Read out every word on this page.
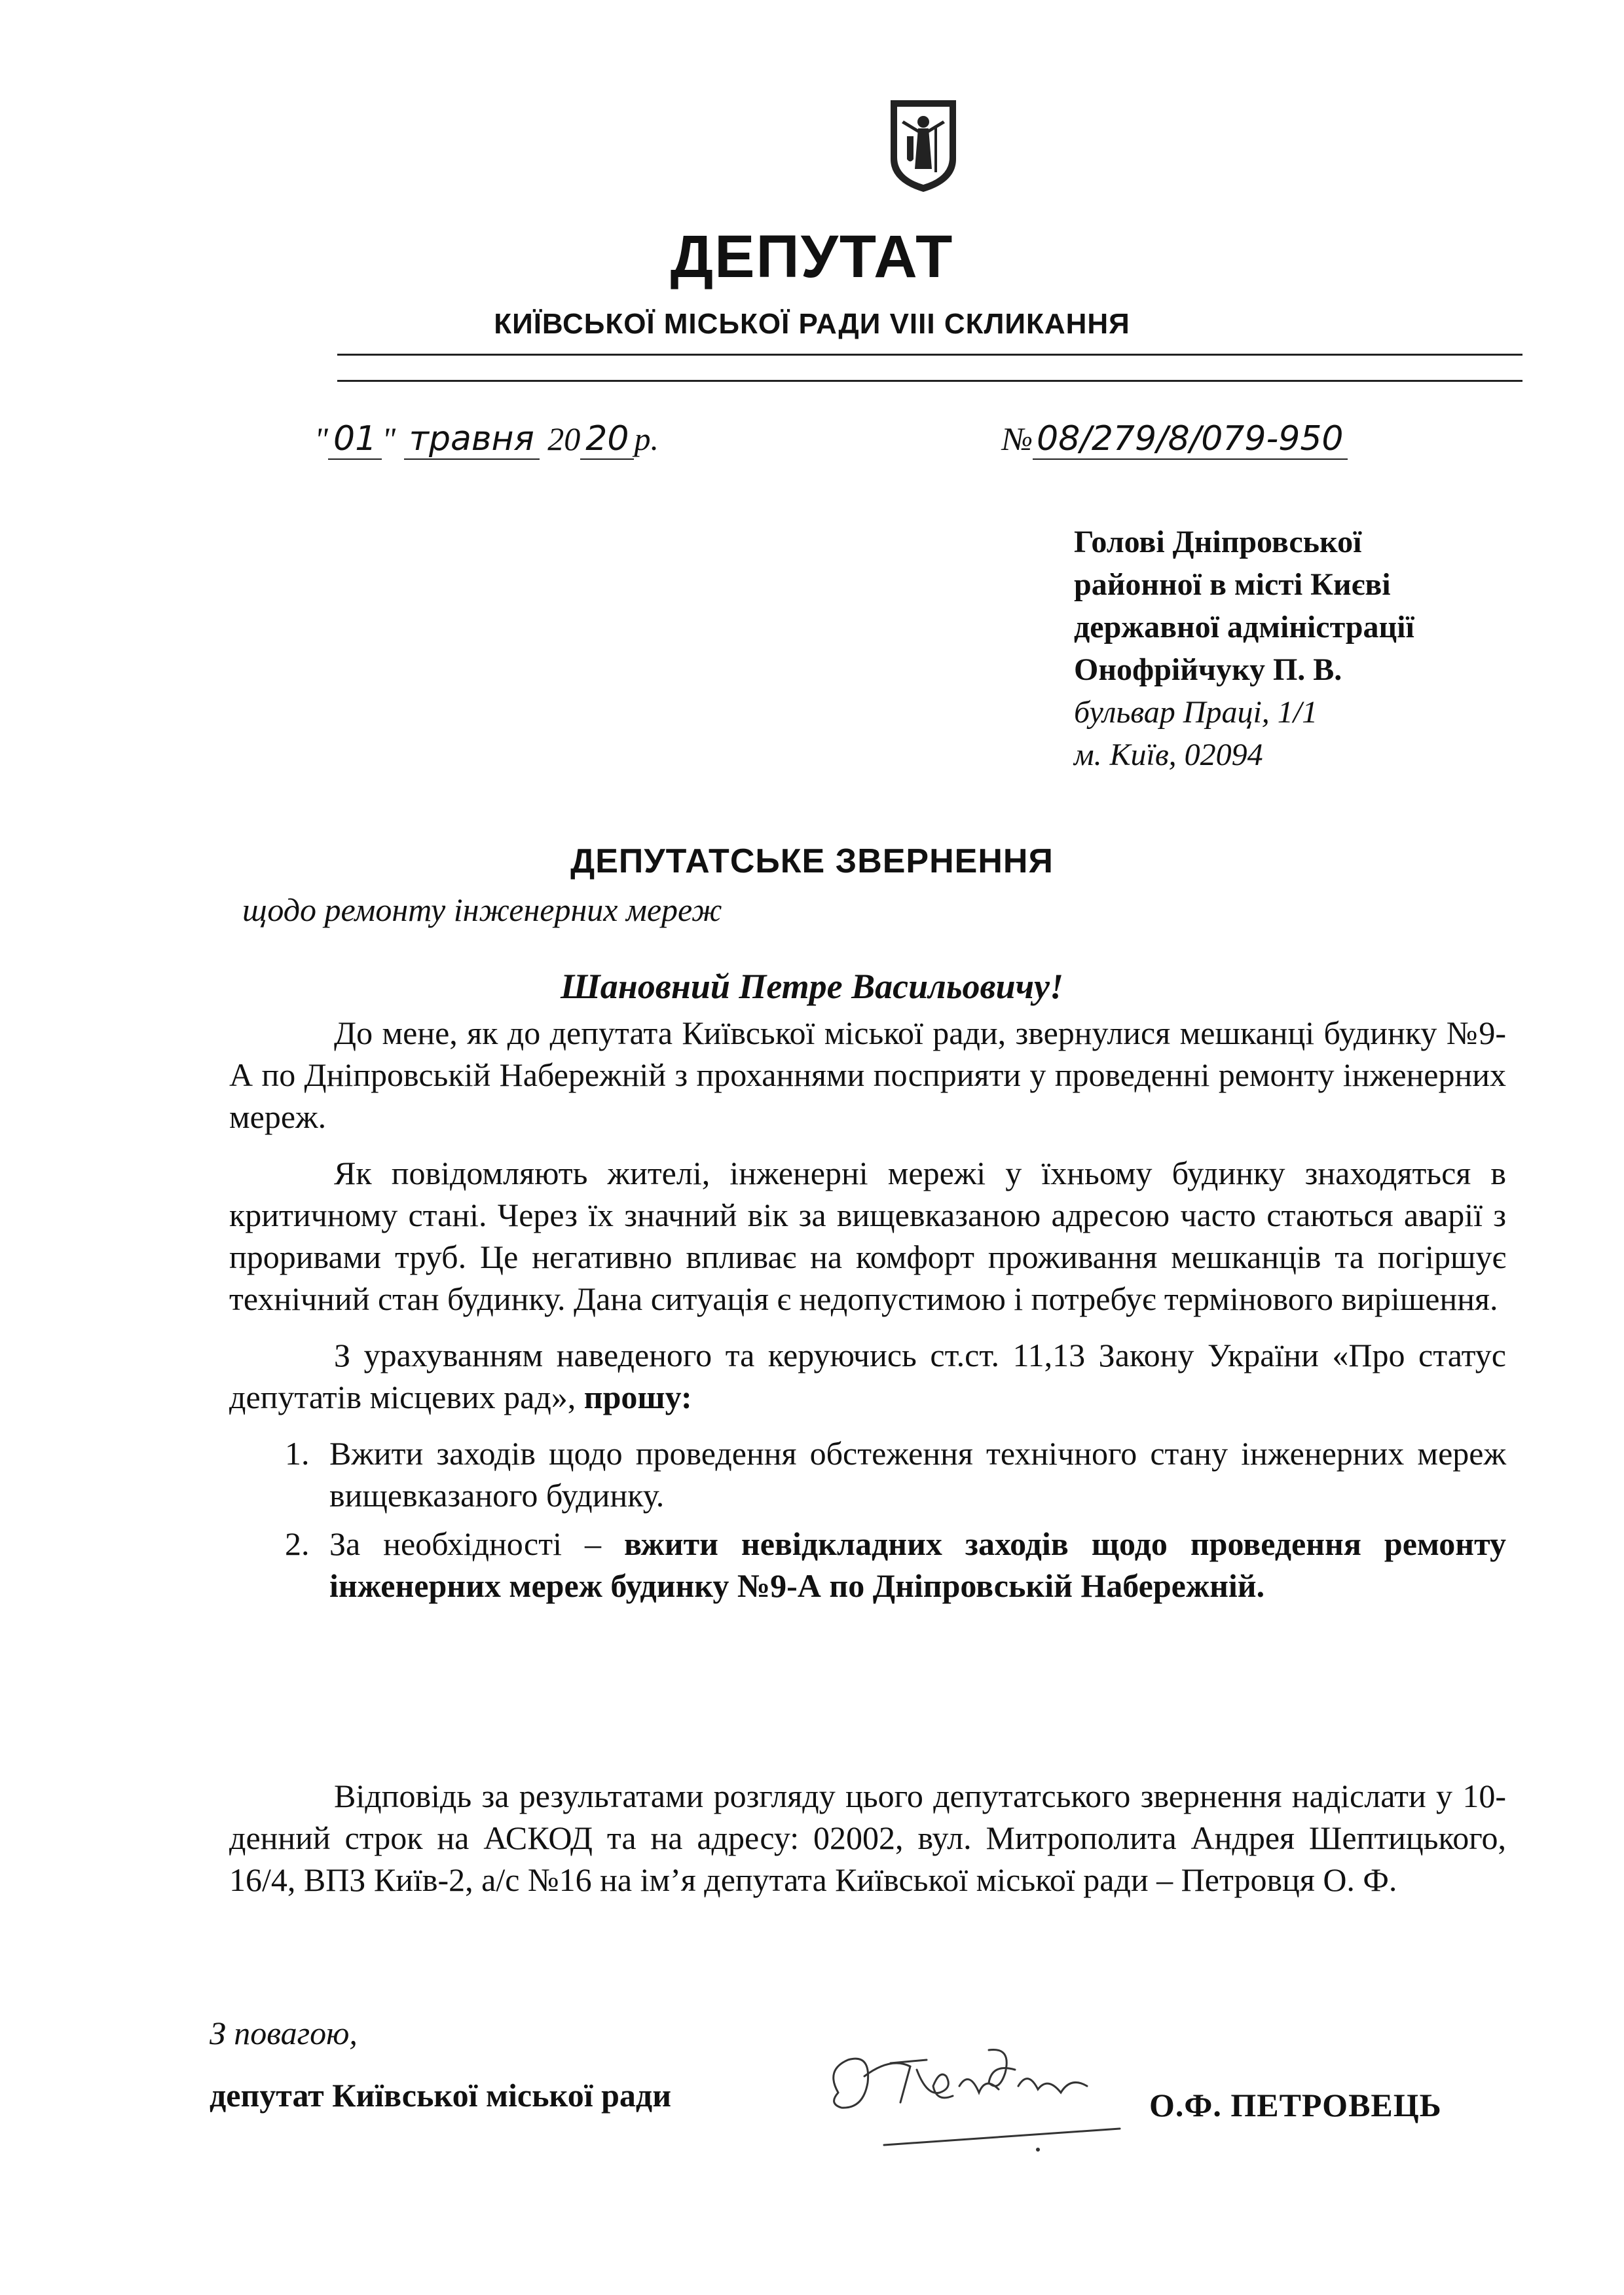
ДЕПУТАТ
КИЇВСЬКОЇ МІСЬКОЇ РАДИ VIII СКЛИКАННЯ
" 01 " травня 20 20 р.	№ 08/279/8/079-950
Голові Дніпровської
районної в місті Києві
державної адміністрації
Онофрійчуку П. В.
бульвар Праці, 1/1
м. Київ, 02094
ДЕПУТАТСЬКЕ ЗВЕРНЕННЯ
щодо ремонту інженерних мереж
Шановний Петре Васильовичу!

До мене, як до депутата Київської міської ради, звернулися мешканці будинку №9-А по Дніпровській Набережній з проханнями посприяти у проведенні ремонту інженерних мереж.

Як повідомляють жителі, інженерні мережі у їхньому будинку знаходяться в критичному стані. Через їх значний вік за вищевказаною адресою часто стаються аварії з проривами труб. Це негативно впливає на комфорт проживання мешканців та погіршує технічний стан будинку. Дана ситуація є недопустимою і потребує термінового вирішення.

З урахуванням наведеного та керуючись ст.ст. 11,13 Закону України «Про статус депутатів місцевих рад», прошу:

1. Вжити заходів щодо проведення обстеження технічного стану інженерних мереж вищевказаного будинку.
2. За необхідності – вжити невідкладних заходів щодо проведення ремонту інженерних мереж будинку №9-А по Дніпровській Набережній.
Відповідь за результатами розгляду цього депутатського звернення надіслати у 10-денний строк на АСКОД та на адресу: 02002, вул. Митрополита Андрея Шептицького, 16/4, ВПЗ Київ-2, а/с №16 на ім’я депутата Київської міської ради – Петровця О. Ф.
З повагою,
депутат Київської міської ради	О.Ф. ПЕТРОВЕЦЬ
